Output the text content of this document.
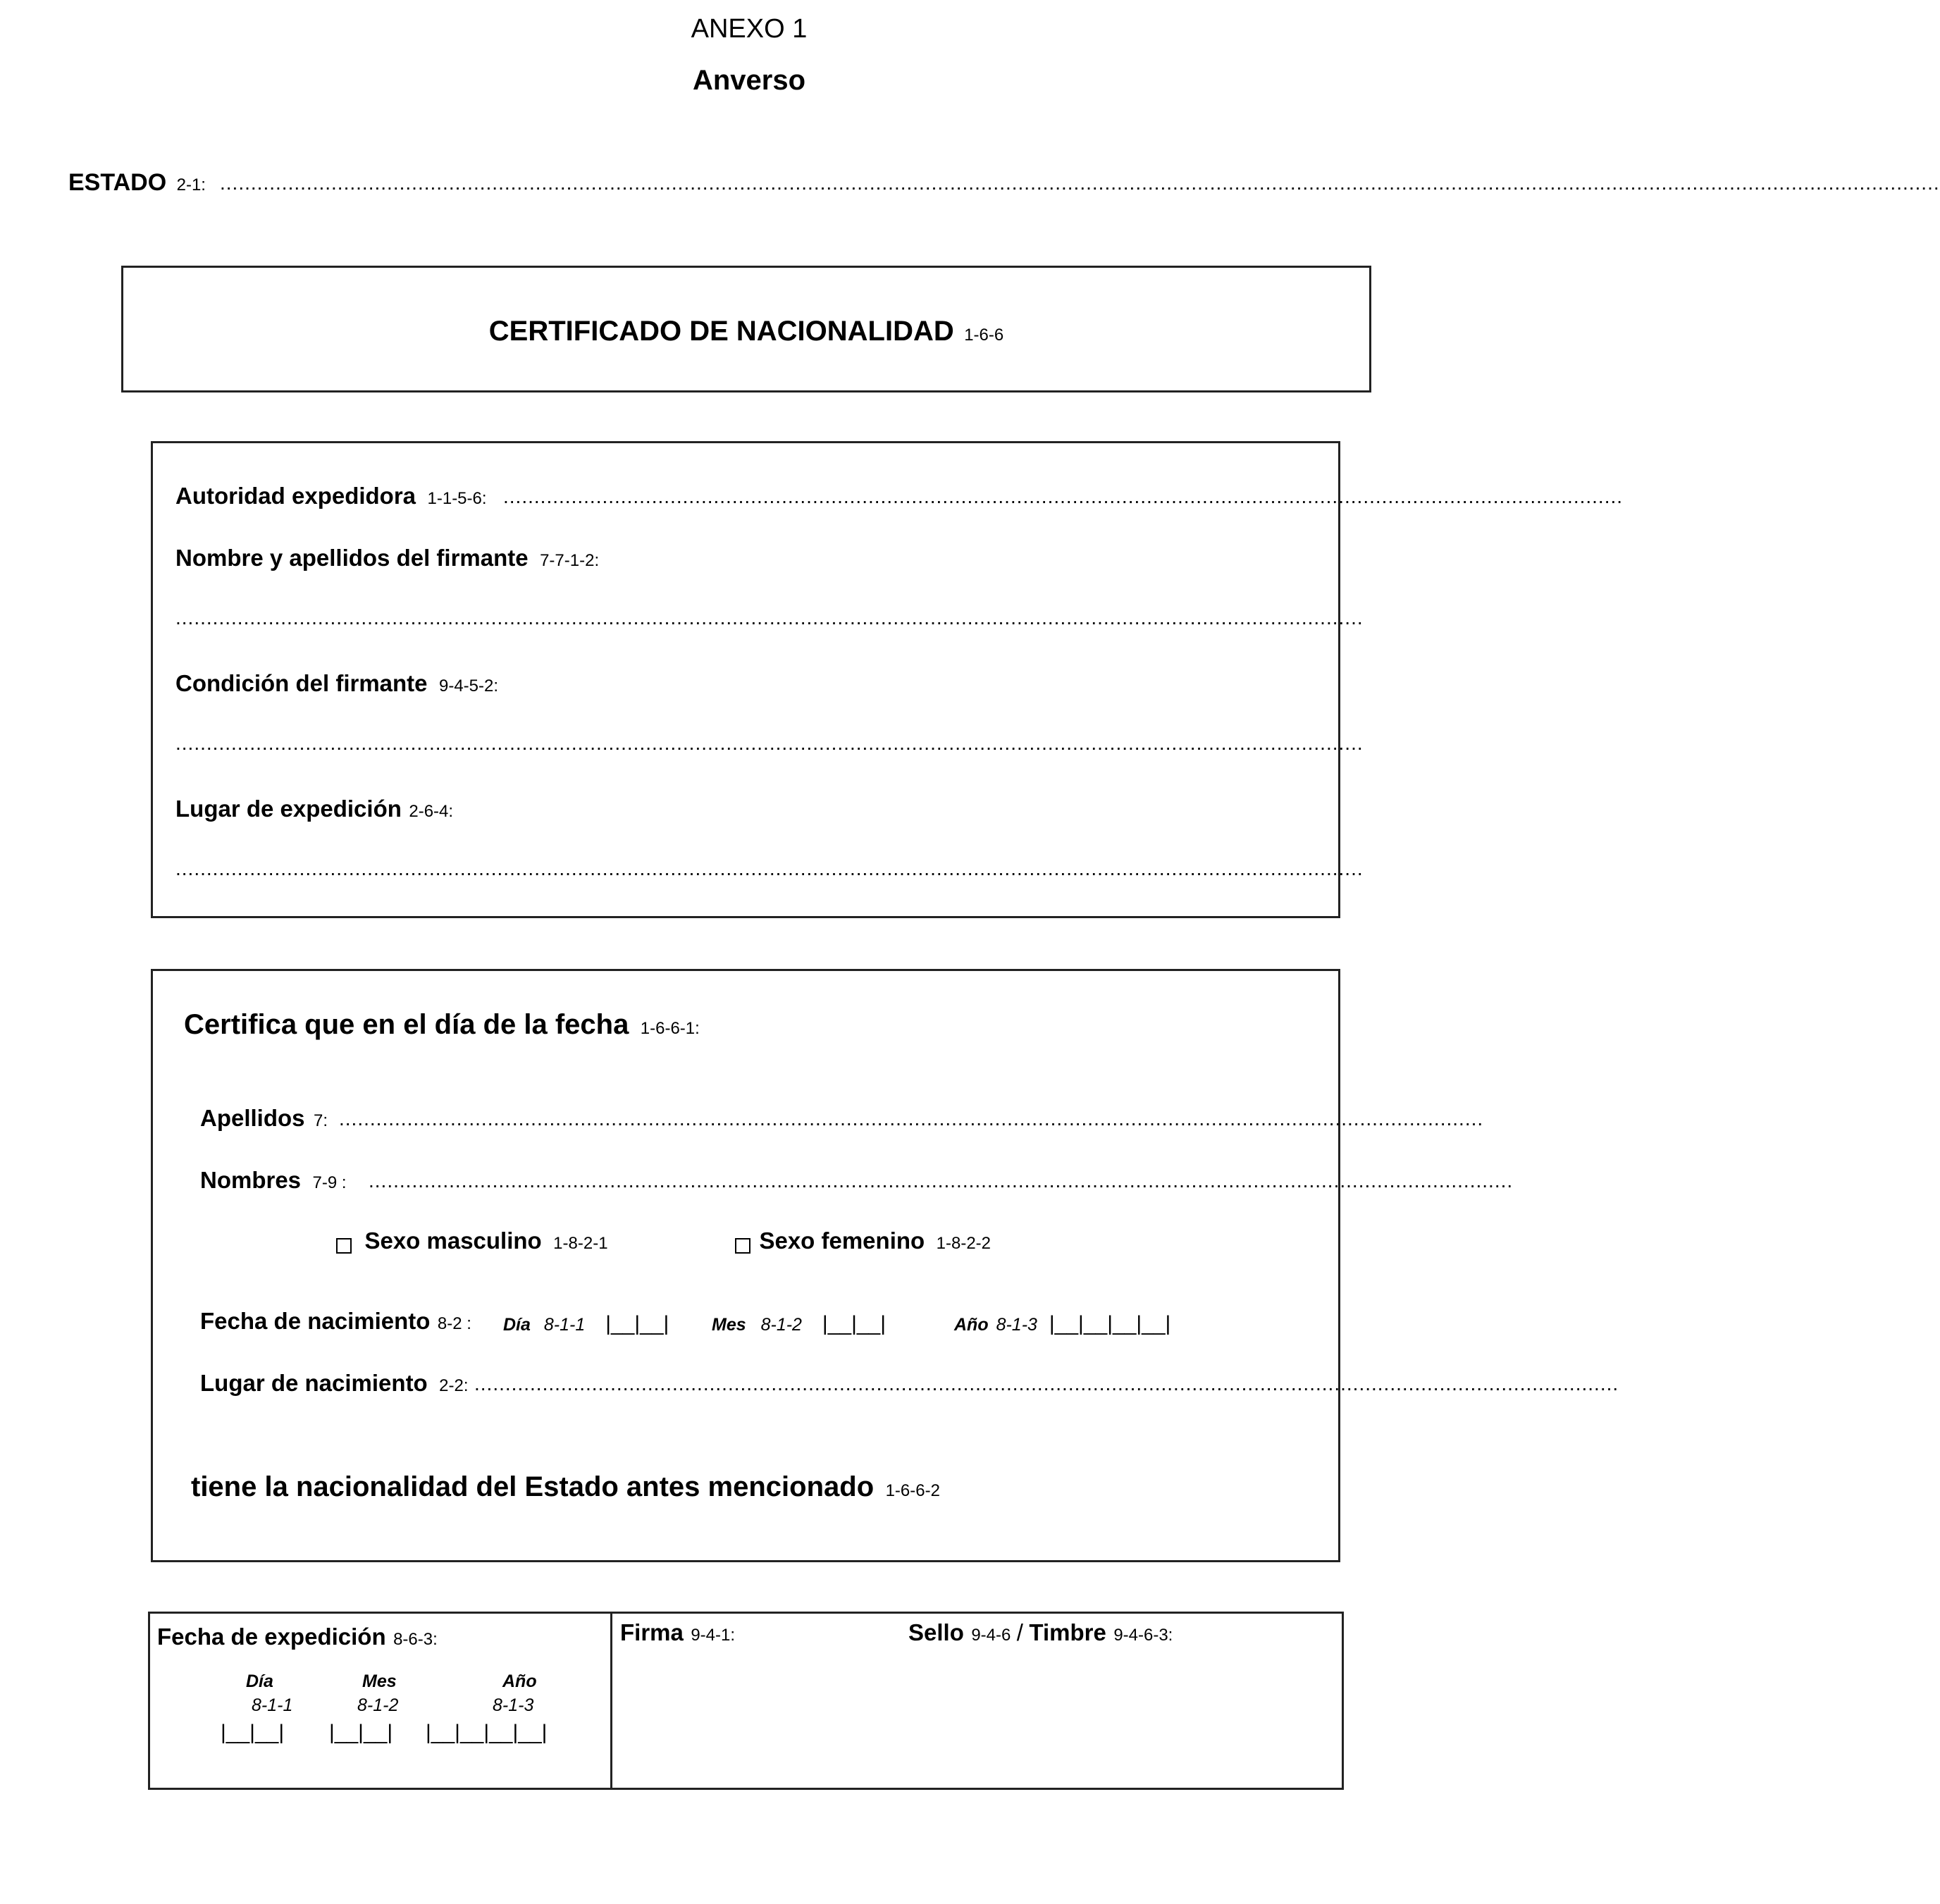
ANEXO 1
Anverso
ESTADO 2-1: ......................................................................................................................................................................................................................................................................................
CERTIFICADO DE NACIONALIDAD 1-6-6
Autoridad expedidora 1-1-5-6: .....................................................................................................................................................................................
Nombre y apellidos del firmante 7-7-1-2:
................................................................................................................................................................................................
Condición del firmante 9-4-5-2:
................................................................................................................................................................................................
Lugar de expedición 2-6-4:
................................................................................................................................................................................................
Certifica que en el día de la fecha 1-6-6-1:
Apellidos 7: .........................................................................................................................................................................................
Nombres 7-9 : .........................................................................................................................................................................................
Sexo masculino 1-8-2-1	Sexo femenino 1-8-2-2
Fecha de nacimiento 8-2 : Día 8-1-1 |__|__| Mes 8-1-2 |__|__|	Año 8-1-3 |__|__|__|__|
Lugar de nacimiento 2-2: .........................................................................................................................................................................................
tiene la nacionalidad del Estado antes mencionado 1-6-6-2
Fecha de expedición 8-6-3:
Día	Mes	Año
8-1-1	8-1-2	8-1-3
|__|__| |__|__| |__|__|__|__|
Firma 9-4-1:	Sello 9-4-6 / Timbre 9-4-6-3:
